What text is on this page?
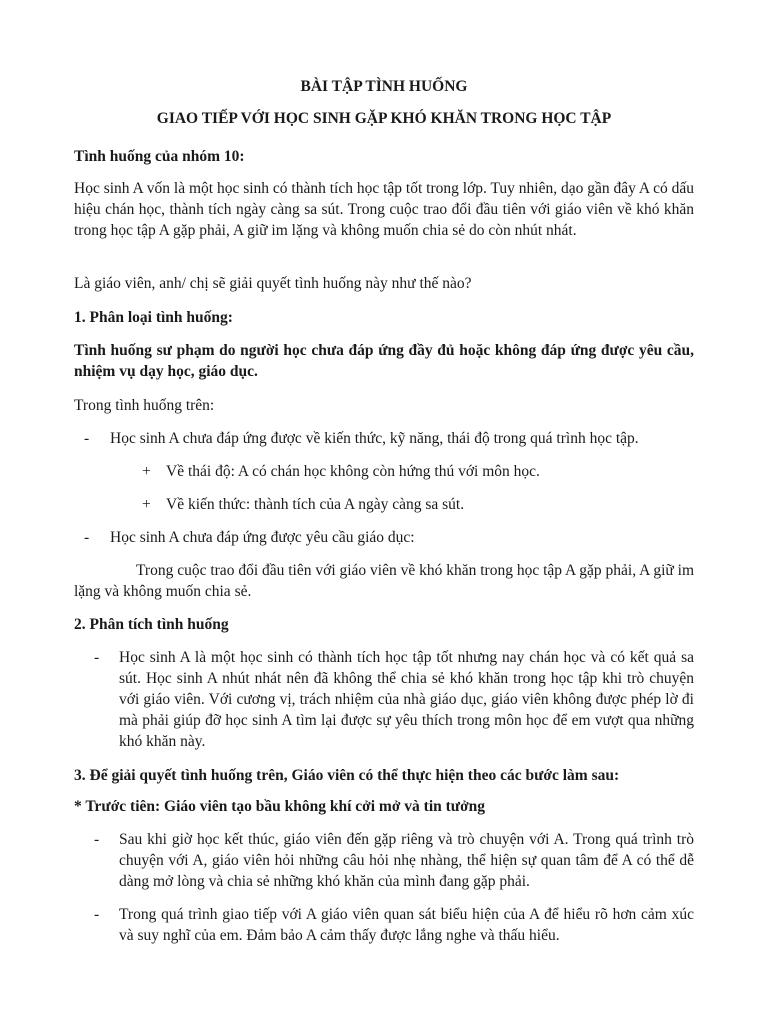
BÀI TẬP TÌNH HUỐNG

GIAO TIẾP VỚI HỌC SINH GẶP KHÓ KHĂN TRONG HỌC TẬP

Tình huống của nhóm 10:

Học sinh A vốn là một học sinh có thành tích học tập tốt trong lớp. Tuy nhiên, dạo gần đây A có dấu hiệu chán học, thành tích ngày càng sa sút. Trong cuộc trao đổi đầu tiên với giáo viên về khó khăn trong học tập A gặp phải, A giữ im lặng và không muốn chia sẻ do còn nhút nhát.

Là giáo viên, anh/ chị sẽ giải quyết tình huống này như thế nào?

1. Phân loại tình huống:

Tình huống sư phạm do người học chưa đáp ứng đầy đủ hoặc không đáp ứng được yêu cầu, nhiệm vụ dạy học, giáo dục.

Trong tình huống trên:

- Học sinh A chưa đáp ứng được về kiến thức, kỹ năng, thái độ trong quá trình học tập.

+ Về thái độ: A có chán học không còn hứng thú với môn học.

+ Về kiến thức: thành tích của A ngày càng sa sút.

- Học sinh A chưa đáp ứng được yêu cầu giáo dục:

Trong cuộc trao đổi đầu tiên với giáo viên về khó khăn trong học tập A gặp phải, A giữ im lặng và không muốn chia sẻ.

2. Phân tích tình huống

- Học sinh A là một học sinh có thành tích học tập tốt nhưng nay chán học và có kết quả sa sút. Học sinh A nhút nhát nên đã không thể chia sẻ khó khăn trong học tập khi trò chuyện với giáo viên. Với cương vị, trách nhiệm của nhà giáo dục, giáo viên không được phép lờ đi mà phải giúp đỡ học sinh A tìm lại được sự yêu thích trong môn học để em vượt qua những khó khăn này.

3. Để giải quyết tình huống trên, Giáo viên có thể thực hiện theo các bước làm sau:

* Trước tiên: Giáo viên tạo bầu không khí cởi mở và tin tưởng

- Sau khi giờ học kết thúc, giáo viên đến gặp riêng và trò chuyện với A. Trong quá trình trò chuyện với A, giáo viên hỏi những câu hỏi nhẹ nhàng, thể hiện sự quan tâm để A có thể dễ dàng mở lòng và chia sẻ những khó khăn của mình đang gặp phải.

- Trong quá trình giao tiếp với A giáo viên quan sát biểu hiện của A để hiểu rõ hơn cảm xúc và suy nghĩ của em. Đảm bảo A cảm thấy được lắng nghe và thấu hiểu.
